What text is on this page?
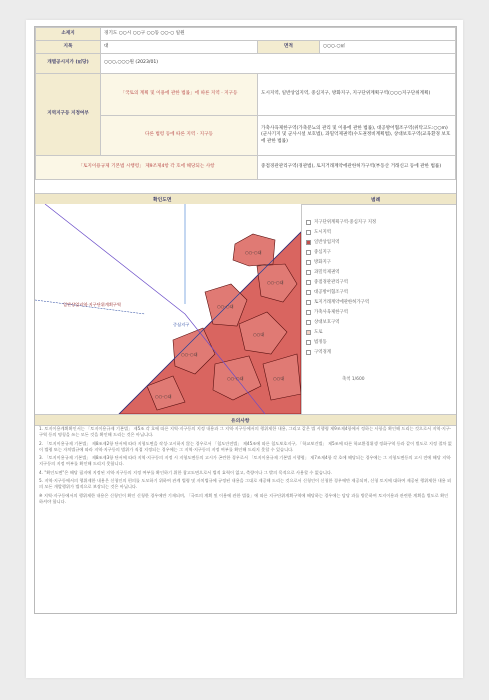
소재지	경기도 ○○시 ○○구 ○○동 ○○-○ 일원		
지목	대	면적	○○○.○㎡
개별공시지가 (㎡당)	○○○,○○○원 (2023/01)		
지역지구등 지정여부	「국토의 계획 및 이용에 관한 법률」에 따른 지역 · 지구등	도시지역, 일반상업지역, 중심지구, 방화지구, 지구단위계획구역(○○○지구단위계획)	
	다른 법령 등에 따른 지역 · 지구등	가축사육제한구역(가축분뇨의 관리 및 이용에 관한 법률), 대공방어협조구역(위탁고도:○○m)(군사기지 및 군사시설 보호법), 과밀억제권역(수도권정비계획법), 상대보호구역(교육환경 보호에 관한 법률)	
「토지이용규제 기본법 시행령」 제9조제4항 각 호에 해당되는 사항		중점경관관리구역(경관법), 토지거래계약에관한허가구역(부동산 거래신고 등에 관한 법률)	
확인도면	범례
일반상업지역·지구단위계획구역
중심지구
○○-○대
○○-○대
○○-○대
○○대
○○-○대
○○-○대	○○대
○○-○대
지구단위계획구역·중심지구 지정
도시지역
일반상업지역
중심지구
방화지구
과밀억제권역
중점경관관리구역
대공방어협조구역
토지거래계약에관한허가구역
가축사육제한구역
상대보호구역
도로
법정동
구역경계
축척 1/600
유의사항

1. 토지이용계획확인서는 「토지이용규제 기본법」 제5조 각 호에 따른 지역·지구등의 지정 내용과 그 지역·지구등에서의 행위제한 내용, 그리고 같은 법 시행령 제9조제4항에서 정하는 사항을 확인해 드리는 것으로서 지역·지구·구역 등의 명칭을 쓰는 모든 것을 확인해 드리는 것은 아닙니다.

2. 「토지이용규제 기본법」 제8조제2항 단서에 따라 지형도면을 작성·고시하지 않는 경우로서 「철도안전법」 제45조에 따른 철도보호지구, 「학교보건법」 제5조에 따른 학교환경위생 정화구역 등과 같이 별도로 지정 절차 없이 법령 또는 자치법규에 따라 지역·지구등의 범위가 직접 지정되는 경우에는 그 지역·지구등의 지정 여부를 확인해 드리지 못할 수 있습니다.

3. 「토지이용규제 기본법」 제8조제3항 단서에 따라 지역·지구등의 지정 시 지형도면등의 고시가 곤란한 경우로서 「토지이용규제 기본법 시행령」 제7조제4항 각 호에 해당되는 경우에는 그 지형도면등의 고시 전에 해당 지역·지구등의 지정 여부를 확인해 드리지 못합니다.

4. "확인도면"은 해당 필지에 지정된 지역·지구등의 지정 여부를 확인하기 위한 참고도면으로서 법적 효력이 없고, 측량이나 그 밖의 목적으로 사용할 수 없습니다.

5. 지역·지구등에서의 행위제한 내용은 신청인의 편의를 도모하기 위하여 관계 법령 및 자치법규에 규정된 내용을 그대로 제공해 드리는 것으로서 신청인이 신청한 경우에만 제공되며, 신청 토지에 대하여 제공된 행위제한 내용 외의 모든 개발행위가 법적으로 보장되는 것은 아닙니다.

※ 지역·지구등에서의 행위제한 내용은 신청인이 확인 신청한 경우에만 기재되며, 「국토의 계획 및 이용에 관한 법률」에 따른 지구단위계획구역에 해당하는 경우에는 담당 과를 방문하여 토지이용과 관련한 계획을 별도로 확인하셔야 합니다.
